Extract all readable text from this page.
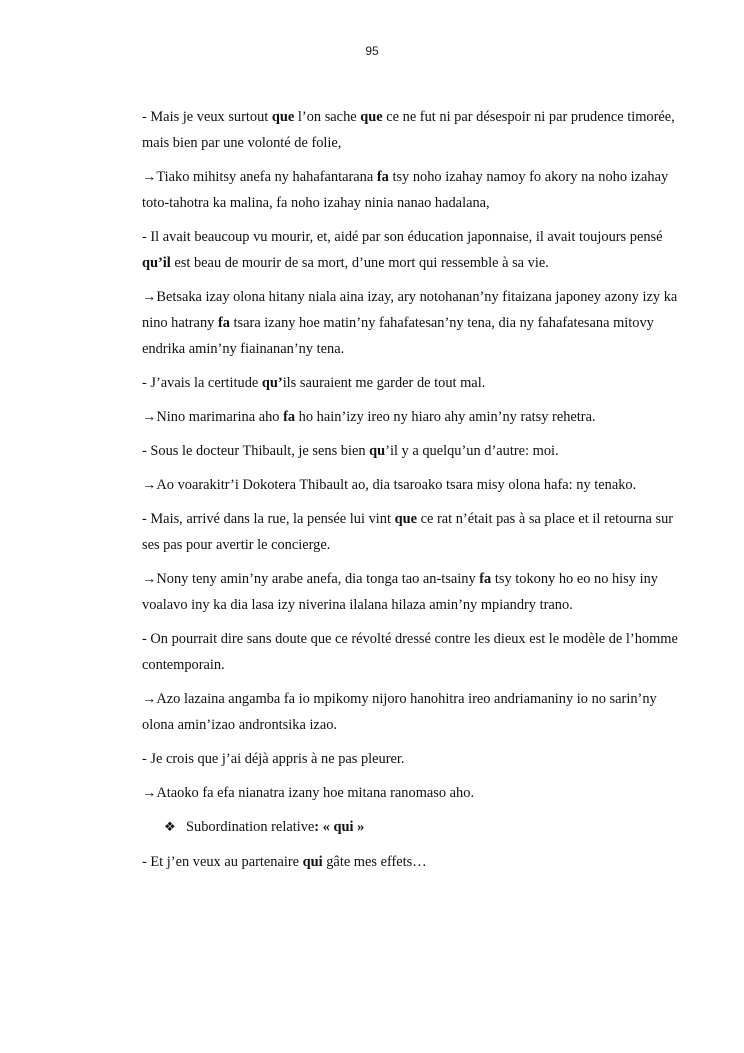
95
- Mais je veux surtout que l’on sache que ce ne fut ni par désespoir ni par prudence timorée, mais bien par une volonté de folie,
→Tiako mihitsy anefa ny hahafantarana fa tsy noho izahay namoy fo akory na noho izahay toto-tahotra ka malina, fa noho izahay ninia nanao hadalana,
- Il avait beaucoup vu mourir, et, aidé par son éducation japonnaise, il avait toujours pensé qu’il est beau de mourir de sa mort, d’une mort qui ressemble à sa vie.
→Betsaka izay olona hitany niala aina izay, ary notohanan’ny fitaizana japoney azony izy ka nino hatrany fa tsara izany hoe matin’ny fahafatesan’ny tena, dia ny fahafatesana mitovy endrika amin’ny fiainanan’ny tena.
- J’avais la certitude qu’ils sauraient me garder de tout mal.
→Nino marimarina aho fa ho hain’izy ireo ny hiaro ahy amin’ny ratsy rehetra.
- Sous le docteur Thibault, je sens bien qu’il y a quelqu’un d’autre: moi.
→Ao voarakitr’i Dokotera Thibault ao, dia tsaroako tsara misy olona hafa: ny tenako.
- Mais, arrivé dans la rue, la pensée lui vint que ce rat n’était pas à sa place et il retourna sur ses pas pour avertir le concierge.
→Nony teny amin’ny arabe anefa, dia tonga tao an-tsainy fa tsy tokony ho eo no hisy iny voalavo iny ka dia lasa izy niverina ilalana hilaza amin’ny mpiandry trano.
- On pourrait dire sans doute que ce révolté dressé contre les dieux est le modèle de l’homme contemporain.
→Azo lazaina angamba fa io mpikomy nijoro hanohitra ireo andriamaniny io no sarin’ny olona amin’izao androntsika izao.
- Je crois que j’ai déjà appris à ne pas pleurer.
→Ataoko fa efa nianatra izany hoe mitana ranomaso aho.
❖ Subordination relative: « qui »
- Et j’en veux au partenaire qui gâte mes effets…
